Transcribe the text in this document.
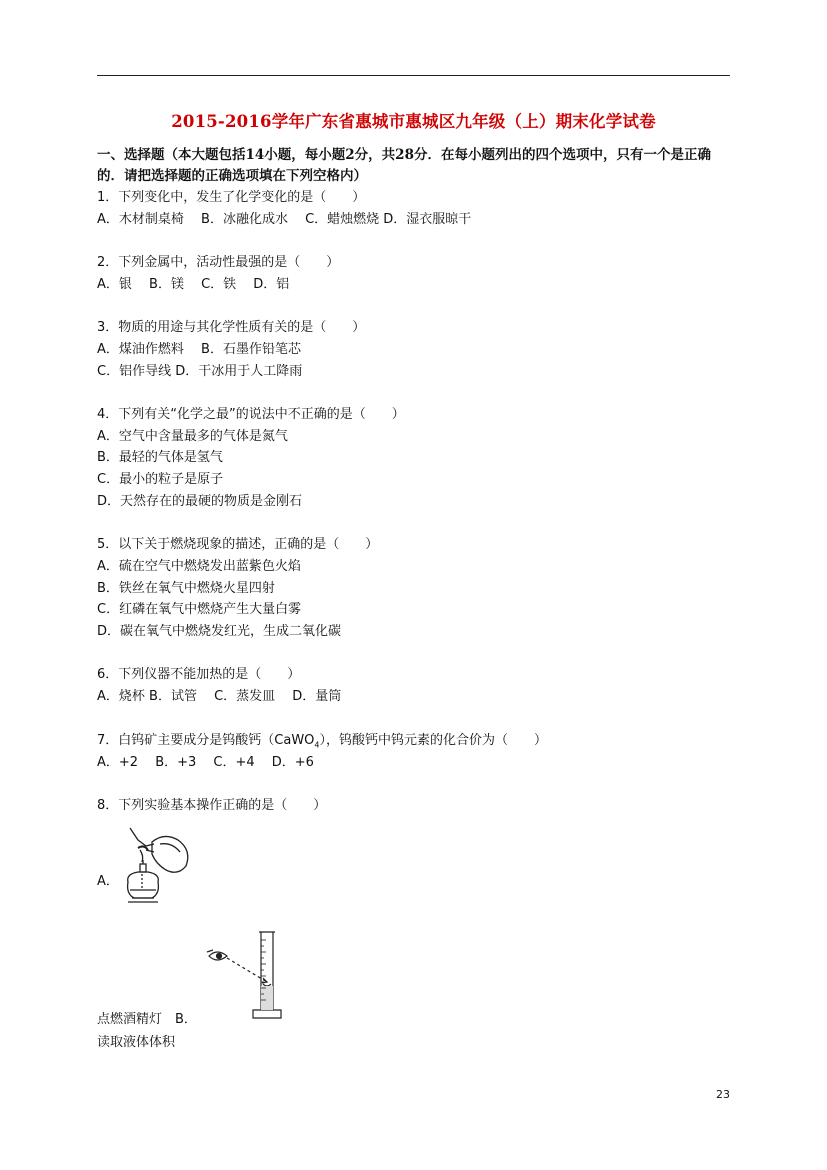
2015-2016学年广东省惠城市惠城区九年级（上）期末化学试卷
一、选择题（本大题包括14小题，每小题2分，共28分．在每小题列出的四个选项中，只有一个是正确的．请把选择题的正确选项填在下列空格内）
1．下列变化中，发生了化学变化的是（　　）
A．木材制桌椅　 B．冰融化成水　 C．蜡烛燃烧 D．湿衣服晾干
2．下列金属中，活动性最强的是（　　）
A．银　 B．镁　 C．铁　 D．铝
3．物质的用途与其化学性质有关的是（　　）
A．煤油作燃料　 B．石墨作铅笔芯
C．铝作导线 D．干冰用于人工降雨
4．下列有关“化学之最”的说法中不正确的是（　　）
A．空气中含量最多的气体是氮气
B．最轻的气体是氢气
C．最小的粒子是原子
D．天然存在的最硬的物质是金刚石
5．以下关于燃烧现象的描述，正确的是（　　）
A．硫在空气中燃烧发出蓝紫色火焰
B．铁丝在氧气中燃烧火星四射
C．红磷在氧气中燃烧产生大量白雾
D．碳在氧气中燃烧发红光，生成二氧化碳
6．下列仪器不能加热的是（　　）
A．烧杯 B．试管　 C．蒸发皿　 D．量筒
7．白钨矿主要成分是钨酸钙（CaWO$_4$），钨酸钙中钨元素的化合价为（　　）
A．+2　 B．+3　 C．+4　 D．+6
8．下列实验基本操作正确的是（　　）
A．
点燃酒精灯　B．
读取液体体积
23
